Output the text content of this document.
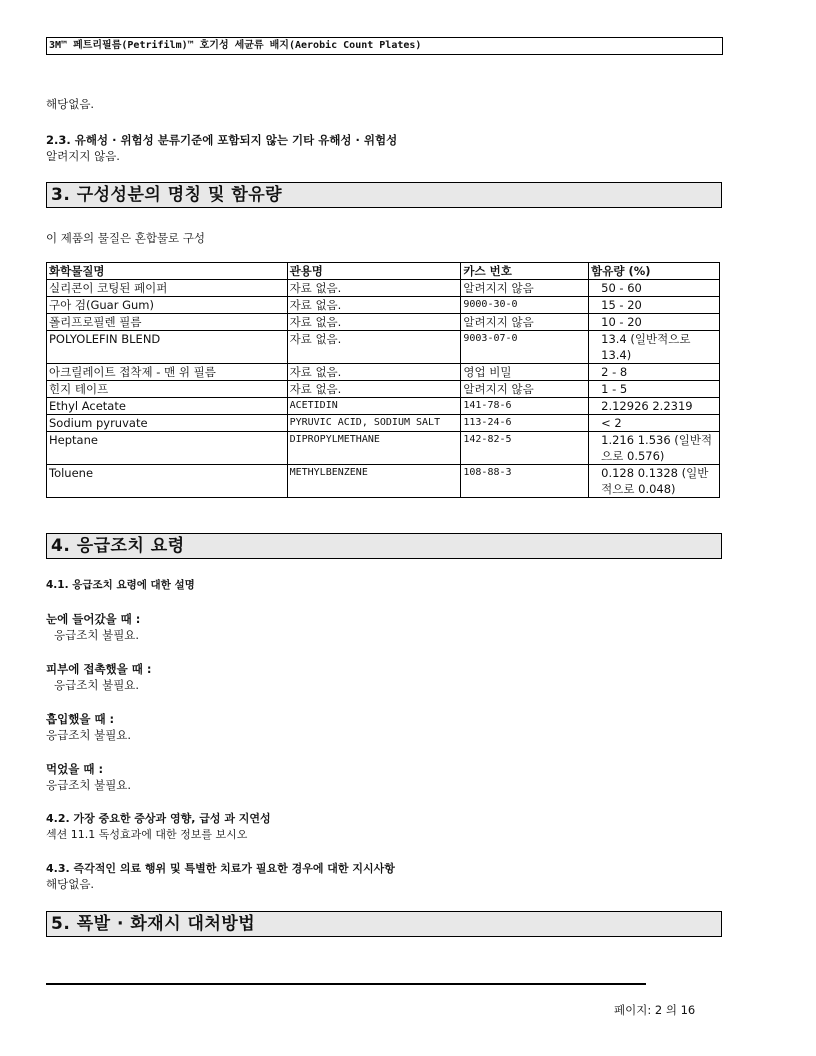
3M™ 페트리필름(Petrifilm)™ 호기성 세균류 배지(Aerobic Count Plates)
해당없음.
2.3. 유해성 · 위험성 분류기준에 포함되지 않는 기타 유해성 · 위험성
알려지지 않음.
3. 구성성분의 명칭 및 함유량
이 제품의 물질은 혼합물로 구성
화학물질명	관용명	카스 번호	함유량 (%)
실리콘이 코팅된 페이퍼	자료 없음.	알려지지 않음	50 - 60
구아 검(Guar Gum)	자료 없음.	9000-30-0	15 - 20
폴리프로필렌 필름	자료 없음.	알려지지 않음	10 - 20
POLYOLEFIN BLEND	자료 없음.	9003-07-0	13.4 (일반적으로 13.4)
아크릴레이트 접착제 - 맨 위 필름	자료 없음.	영업 비밀	2 - 8
힌지 테이프	자료 없음.	알려지지 않음	1 - 5
Ethyl Acetate	ACETIDIN	141-78-6	2.12926 2.2319
Sodium pyruvate	PYRUVIC ACID, SODIUM SALT	113-24-6	< 2
Heptane	DIPROPYLMETHANE	142-82-5	1.216 1.536 (일반적으로 0.576)
Toluene	METHYLBENZENE	108-88-3	0.128 0.1328 (일반적으로 0.048)
4. 응급조치 요령
4.1. 응급조치 요령에 대한 설명
눈에 들어갔을 때 :
응급조치 불필요.
피부에 접촉했을 때 :
응급조치 불필요.
흡입했을 때 :
응급조치 불필요.
먹었을 때 :
응급조치 불필요.
4.2. 가장 중요한 증상과 영향, 급성 과 지연성
섹션 11.1 독성효과에 대한 정보를 보시오
4.3. 즉각적인 의료 행위 및 특별한 치료가 필요한 경우에 대한 지시사항
해당없음.
5. 폭발 · 화재시 대처방법
페이지: 2 의 16
